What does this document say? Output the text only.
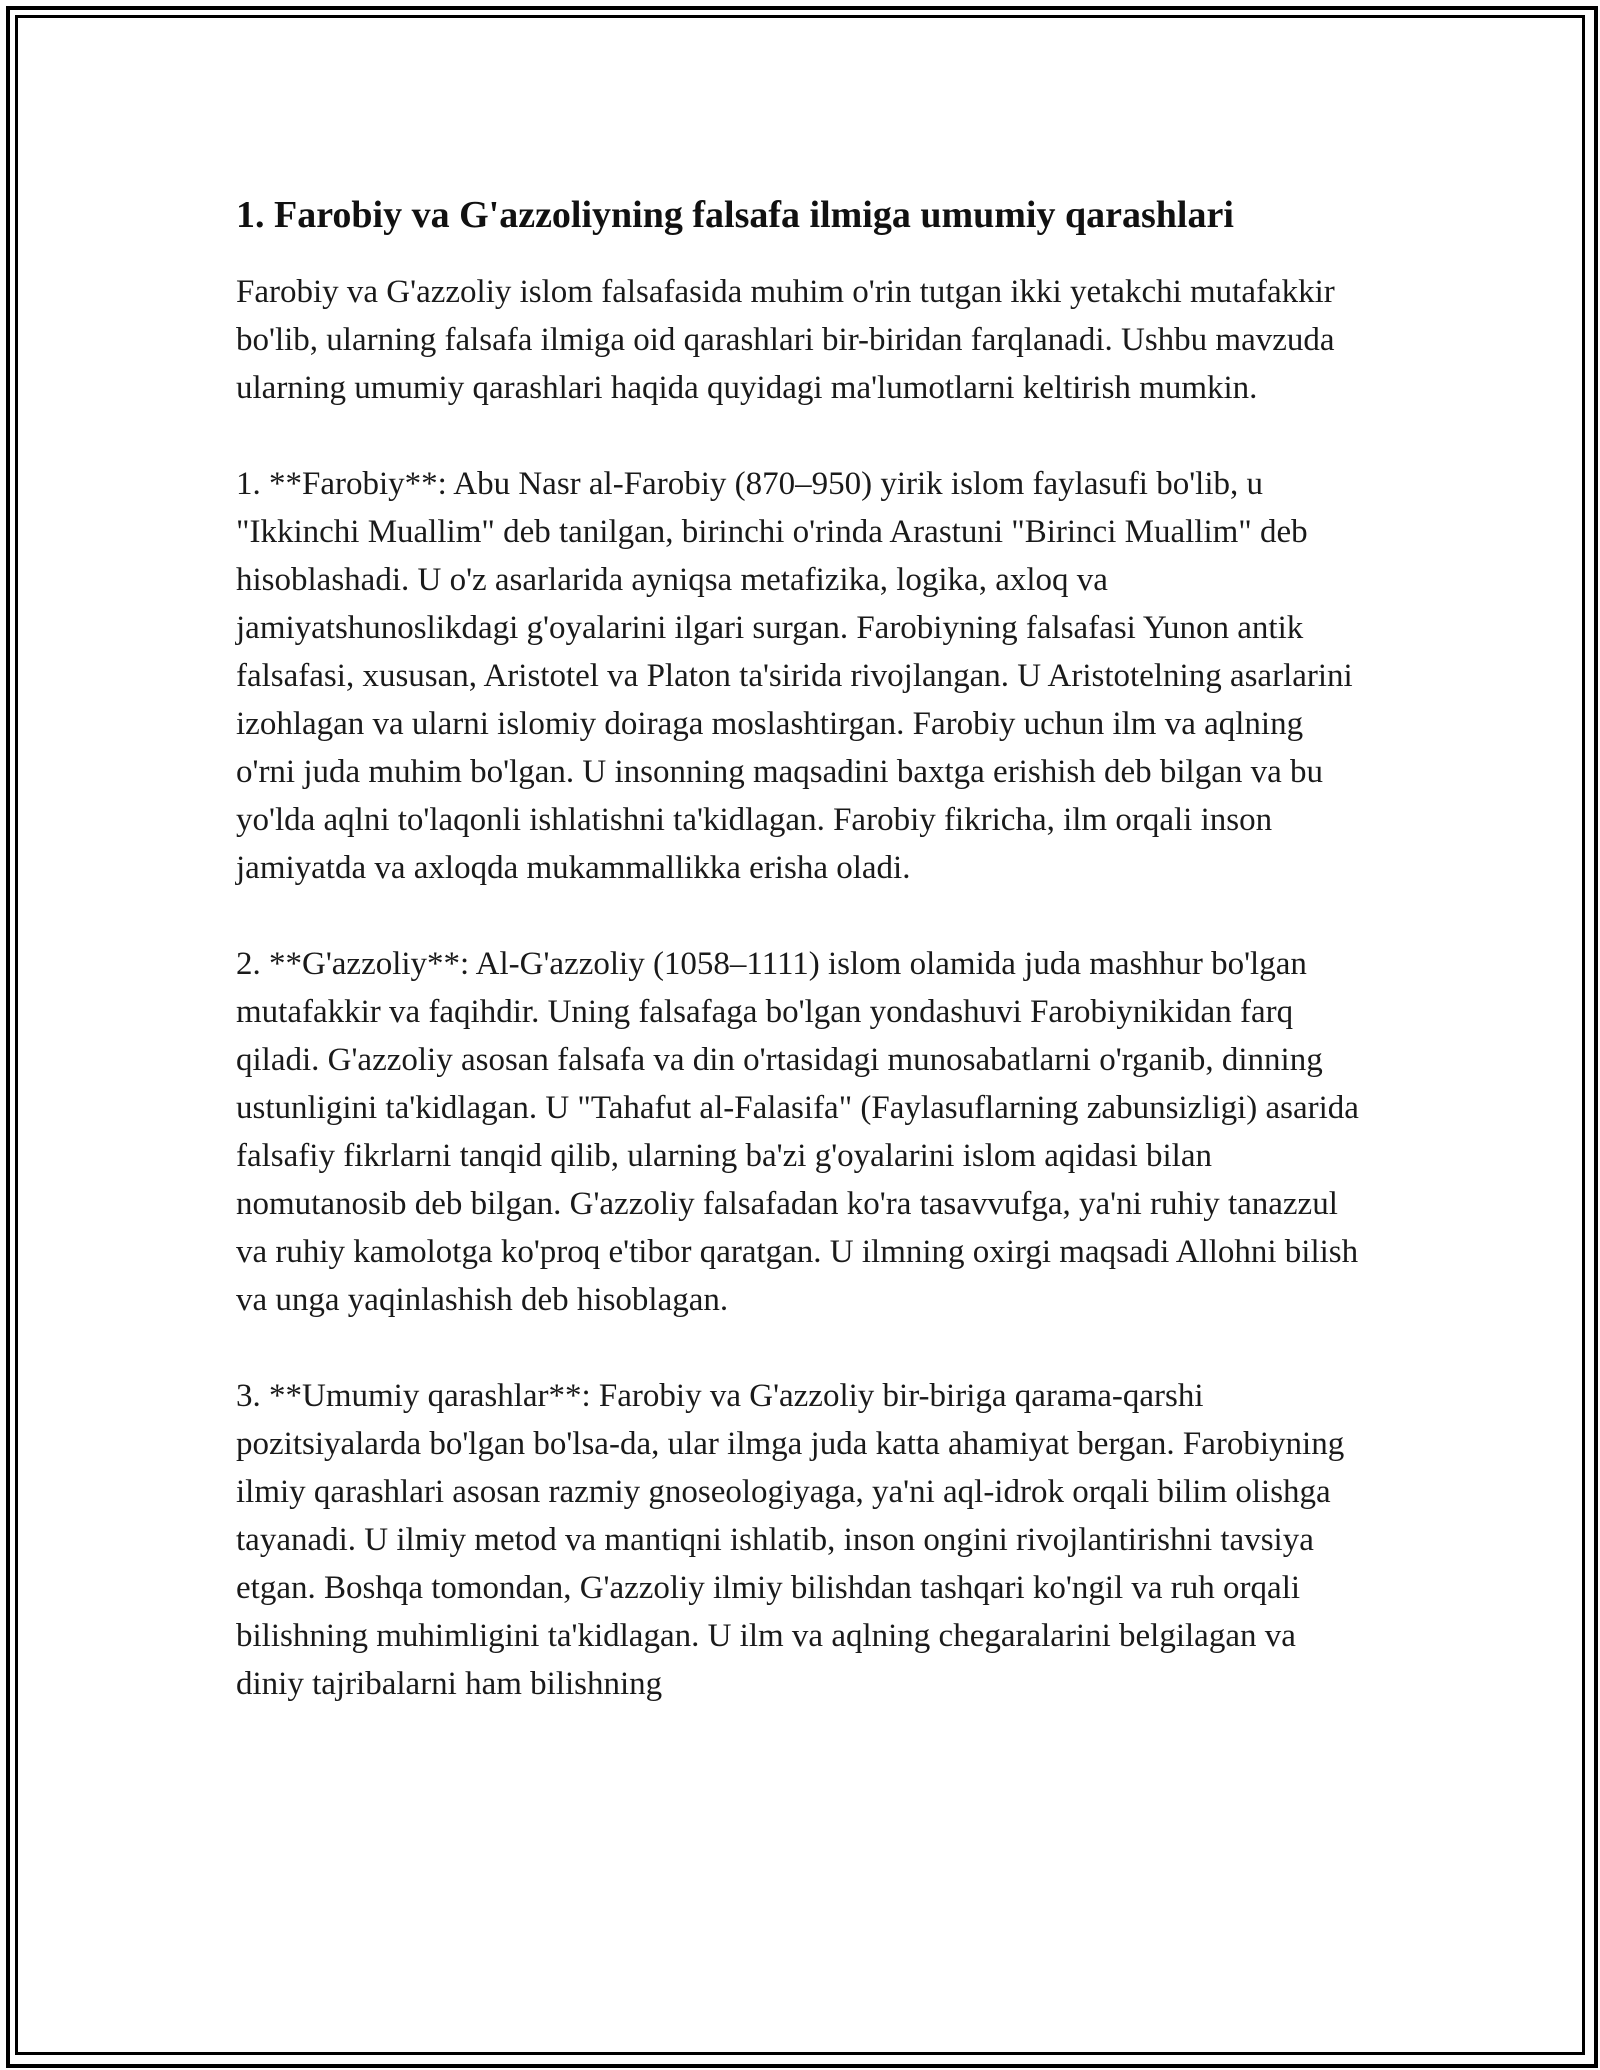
1. Farobiy va G'azzoliyning falsafa ilmiga umumiy qarashlari

Farobiy va G'azzoliy islom falsafasida muhim o'rin tutgan ikki yetakchi mutafakkir bo'lib, ularning falsafa ilmiga oid qarashlari bir-biridan farqlanadi. Ushbu mavzuda ularning umumiy qarashlari haqida quyidagi ma'lumotlarni keltirish mumkin.

1. **Farobiy**: Abu Nasr al-Farobiy (870–950) yirik islom faylasufi bo'lib, u "Ikkinchi Muallim" deb tanilgan, birinchi o'rinda Arastuni "Birinci Muallim" deb hisoblashadi. U o'z asarlarida ayniqsa metafizika, logika, axloq va jamiyatshunoslikdagi g'oyalarini ilgari surgan. Farobiyning falsafasi Yunon antik falsafasi, xususan, Aristotel va Platon ta'sirida rivojlangan. U Aristotelning asarlarini izohlagan va ularni islomiy doiraga moslashtirgan. Farobiy uchun ilm va aqlning o'rni juda muhim bo'lgan. U insonning maqsadini baxtga erishish deb bilgan va bu yo'lda aqlni to'laqonli ishlatishni ta'kidlagan. Farobiy fikricha, ilm orqali inson jamiyatda va axloqda mukammallikka erisha oladi.

2. **G'azzoliy**: Al-G'azzoliy (1058–1111) islom olamida juda mashhur bo'lgan mutafakkir va faqihdir. Uning falsafaga bo'lgan yondashuvi Farobiynikidan farq qiladi. G'azzoliy asosan falsafa va din o'rtasidagi munosabatlarni o'rganib, dinning ustunligini ta'kidlagan. U "Tahafut al-Falasifa" (Faylasuflarning zabunsizligi) asarida falsafiy fikrlarni tanqid qilib, ularning ba'zi g'oyalarini islom aqidasi bilan nomutanosib deb bilgan. G'azzoliy falsafadan ko'ra tasavvufga, ya'ni ruhiy tanazzul va ruhiy kamolotga ko'proq e'tibor qaratgan. U ilmning oxirgi maqsadi Allohni bilish va unga yaqinlashish deb hisoblagan.

3. **Umumiy qarashlar**: Farobiy va G'azzoliy bir-biriga qarama-qarshi pozitsiyalarda bo'lgan bo'lsa-da, ular ilmga juda katta ahamiyat bergan. Farobiyning ilmiy qarashlari asosan razmiy gnoseologiyaga, ya'ni aql-idrok orqali bilim olishga tayanadi. U ilmiy metod va mantiqni ishlatib, inson ongini rivojlantirishni tavsiya etgan. Boshqa tomondan, G'azzoliy ilmiy bilishdan tashqari ko'ngil va ruh orqali bilishning muhimligini ta'kidlagan. U ilm va aqlning chegaralarini belgilagan va diniy tajribalarni ham bilishning
